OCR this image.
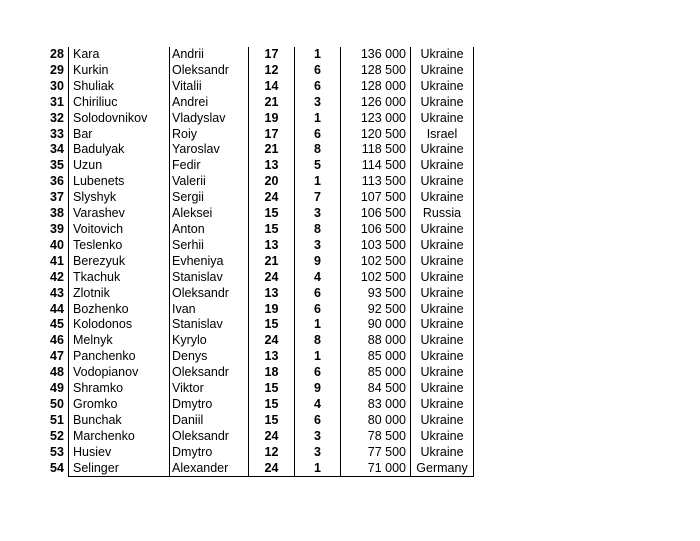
28	Kara	Andrii	17	1	136 000	Ukraine
29	Kurkin	Oleksandr	12	6	128 500	Ukraine
30	Shuliak	Vitalii	14	6	128 000	Ukraine
31	Chiriliuc	Andrei	21	3	126 000	Ukraine
32	Solodovnikov	Vladyslav	19	1	123 000	Ukraine
33	Bar	Roiy	17	6	120 500	Israel
34	Badulyak	Yaroslav	21	8	118 500	Ukraine
35	Uzun	Fedir	13	5	114 500	Ukraine
36	Lubenets	Valerii	20	1	113 500	Ukraine
37	Slyshyk	Sergii	24	7	107 500	Ukraine
38	Varashev	Aleksei	15	3	106 500	Russia
39	Voitovich	Anton	15	8	106 500	Ukraine
40	Teslenko	Serhii	13	3	103 500	Ukraine
41	Berezyuk	Evheniya	21	9	102 500	Ukraine
42	Tkachuk	Stanislav	24	4	102 500	Ukraine
43	Zlotnik	Oleksandr	13	6	93 500	Ukraine
44	Bozhenko	Ivan	19	6	92 500	Ukraine
45	Kolodonos	Stanislav	15	1	90 000	Ukraine
46	Melnyk	Kyrylo	24	8	88 000	Ukraine
47	Panchenko	Denys	13	1	85 000	Ukraine
48	Vodopianov	Oleksandr	18	6	85 000	Ukraine
49	Shramko	Viktor	15	9	84 500	Ukraine
50	Gromko	Dmytro	15	4	83 000	Ukraine
51	Bunchak	Daniil	15	6	80 000	Ukraine
52	Marchenko	Oleksandr	24	3	78 500	Ukraine
53	Husiev	Dmytro	12	3	77 500	Ukraine
54	Selinger	Alexander	24	1	71 000	Germany
